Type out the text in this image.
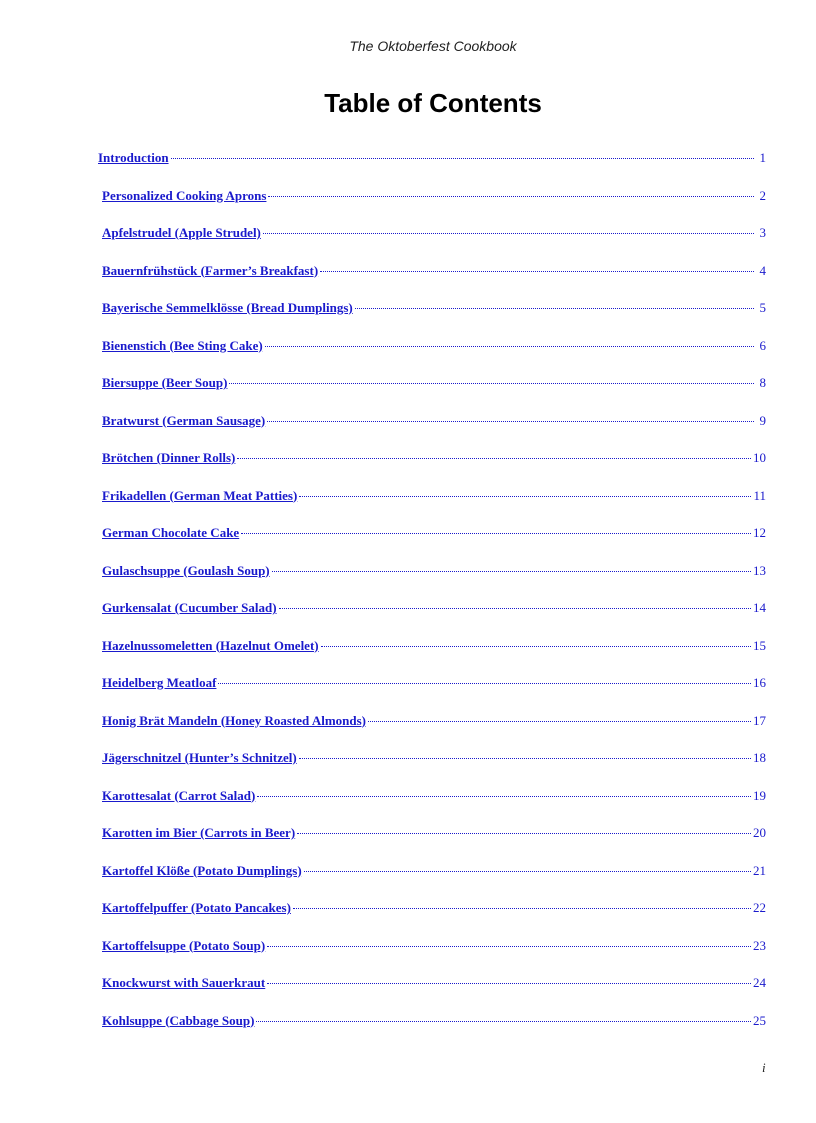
The Oktoberfest Cookbook
Table of Contents
Introduction	1
Personalized Cooking Aprons	2
Apfelstrudel (Apple Strudel)	3
Bauernfrühstück (Farmer’s Breakfast)	4
Bayerische Semmelklösse (Bread Dumplings)	5
Bienenstich (Bee Sting Cake)	6
Biersuppe (Beer Soup)	8
Bratwurst (German Sausage)	9
Brötchen (Dinner Rolls)	10
Frikadellen (German Meat Patties)	11
German Chocolate Cake	12
Gulaschsuppe (Goulash Soup)	13
Gurkensalat (Cucumber Salad)	14
Hazelnussomeletten (Hazelnut Omelet)	15
Heidelberg Meatloaf	16
Honig Brät Mandeln (Honey Roasted Almonds)	17
Jägerschnitzel (Hunter’s Schnitzel)	18
Karottesalat (Carrot Salad)	19
Karotten im Bier (Carrots in Beer)	20
Kartoffel Klöße (Potato Dumplings)	21
Kartoffelpuffer (Potato Pancakes)	22
Kartoffelsuppe (Potato Soup)	23
Knockwurst with Sauerkraut	24
Kohlsuppe (Cabbage Soup)	25
i
